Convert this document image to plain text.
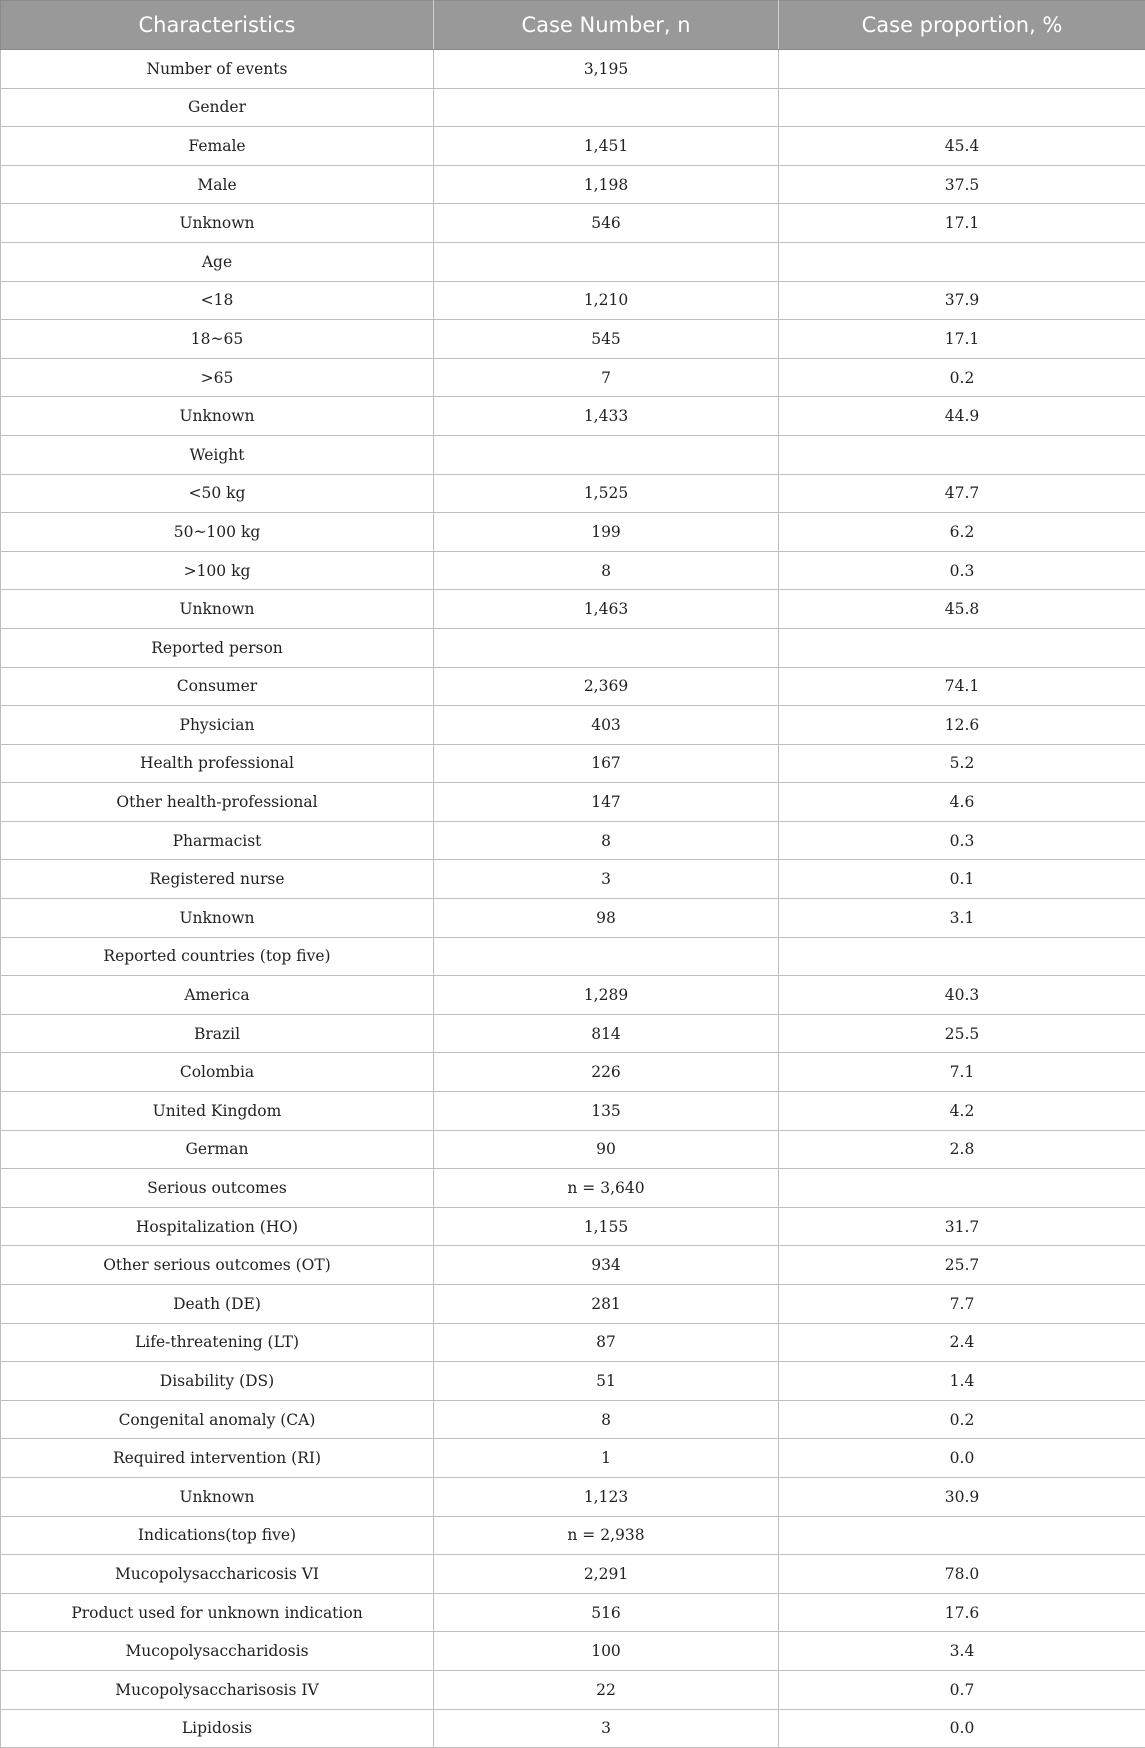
Characteristics	Case Number, n	Case proportion, %
Number of events	3,195	
Gender		
Female	1,451	45.4
Male	1,198	37.5
Unknown	546	17.1
Age		
<18	1,210	37.9
18~65	545	17.1
>65	7	0.2
Unknown	1,433	44.9
Weight		
<50 kg	1,525	47.7
50~100 kg	199	6.2
>100 kg	8	0.3
Unknown	1,463	45.8
Reported person		
Consumer	2,369	74.1
Physician	403	12.6
Health professional	167	5.2
Other health-professional	147	4.6
Pharmacist	8	0.3
Registered nurse	3	0.1
Unknown	98	3.1
Reported countries (top five)		
America	1,289	40.3
Brazil	814	25.5
Colombia	226	7.1
United Kingdom	135	4.2
German	90	2.8
Serious outcomes	n = 3,640	
Hospitalization (HO)	1,155	31.7
Other serious outcomes (OT)	934	25.7
Death (DE)	281	7.7
Life-threatening (LT)	87	2.4
Disability (DS)	51	1.4
Congenital anomaly (CA)	8	0.2
Required intervention (RI)	1	0.0
Unknown	1,123	30.9
Indications(top five)	n = 2,938	
Mucopolysaccharicosis VI	2,291	78.0
Product used for unknown indication	516	17.6
Mucopolysaccharidosis	100	3.4
Mucopolysaccharisosis IV	22	0.7
Lipidosis	3	0.0
